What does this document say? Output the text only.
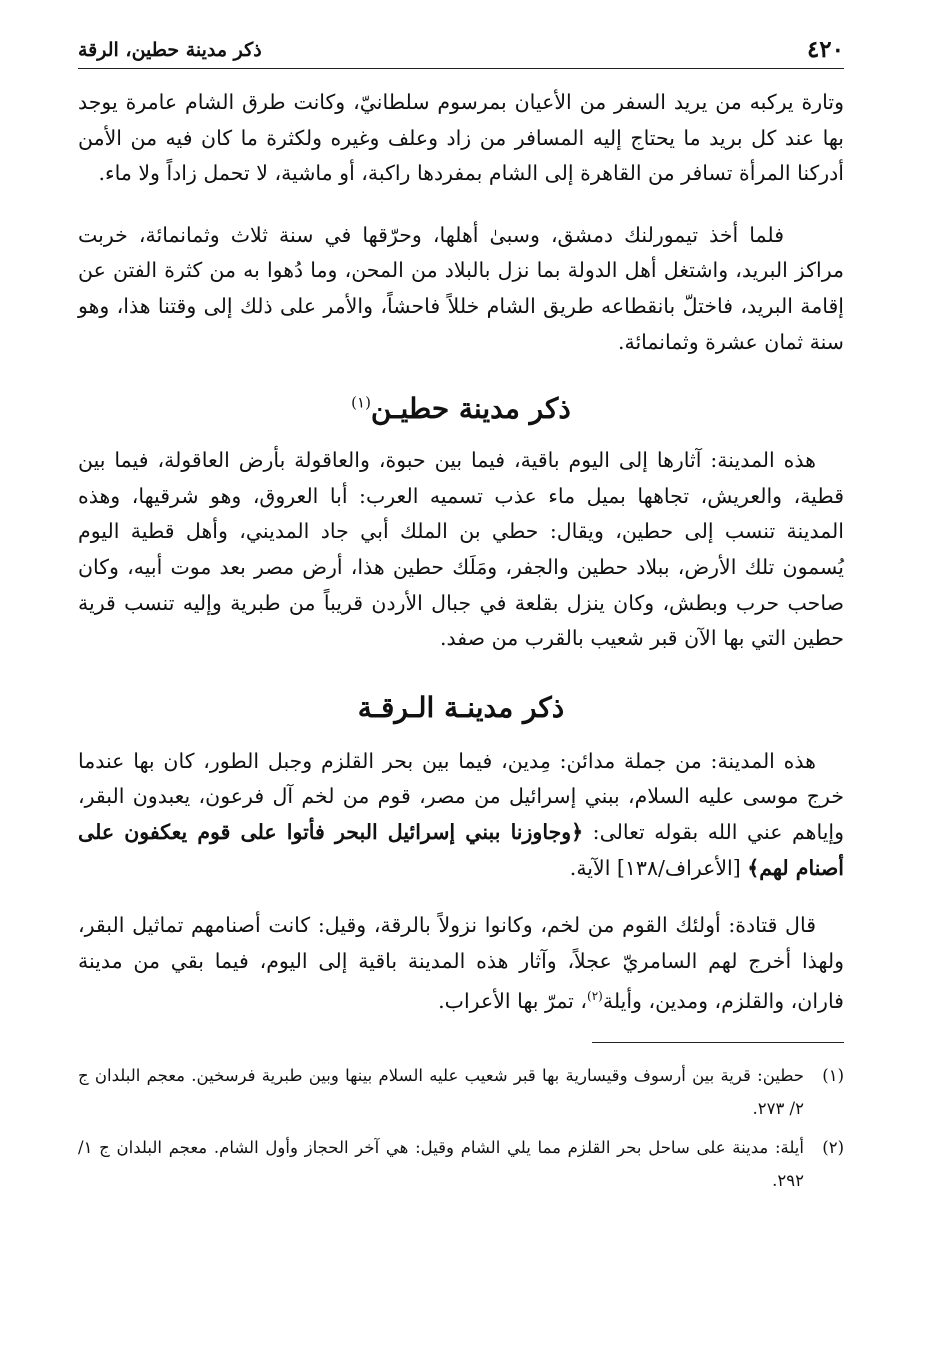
٤٢٠
ذكر مدينة حطين، الرقة

وتارة يركبه من يريد السفر من الأعيان بمرسوم سلطانيّ، وكانت طرق الشام عامرة يوجد بها عند كل بريد ما يحتاج إليه المسافر من زاد وعلف وغيره ولكثرة ما كان فيه من الأمن أدركنا المرأة تسافر من القاهرة إلى الشام بمفردها راكبة، أو ماشية، لا تحمل زاداً ولا ماء.

فلما أخذ تيمورلنك دمشق، وسبىٰ أهلها، وحرّقها في سنة ثلاث وثمانمائة، خربت مراكز البريد، واشتغل أهل الدولة بما نزل بالبلاد من المحن، وما دُهوا به من كثرة الفتن عن إقامة البريد، فاختلّ بانقطاعه طريق الشام خللاً فاحشاً، والأمر على ذلك إلى وقتنا هذا، وهو سنة ثمان عشرة وثمانمائة.

ذكر مدينة حطيـن$^{(١)}$

هذه المدينة: آثارها إلى اليوم باقية، فيما بين حبوة، والعاقولة بأرض العاقولة، فيما بين قطية، والعريش، تجاهها بميل ماء عذب تسميه العرب: أبا العروق، وهو شرقيها، وهذه المدينة تنسب إلى حطين، ويقال: حطي بن الملك أبي جاد المديني، وأهل قطية اليوم يُسمون تلك الأرض، ببلاد حطين والجفر، ومَلَك حطين هذا، أرض مصر بعد موت أبيه، وكان صاحب حرب وبطش، وكان ينزل بقلعة في جبال الأردن قريباً من طبرية وإليه تنسب قرية حطين التي بها الآن قبر شعيب بالقرب من صفد.

ذكر مدينـة الـرقـة

هذه المدينة: من جملة مدائن: مِدين، فيما بين بحر القلزم وجبل الطور، كان بها عندما خرج موسى عليه السلام، ببني إسرائيل من مصر، قوم من لخم آل فرعون، يعبدون البقر، وإياهم عني الله بقوله تعالى: ﴿وجاوزنا ببني إسرائيل البحر فأتوا على قوم يعكفون على أصنام لهم﴾ [الأعراف/١٣٨] الآية.

قال قتادة: أولئك القوم من لخم، وكانوا نزولاً بالرقة، وقيل: كانت أصنامهم تماثيل البقر، ولهذا أخرج لهم السامريّ عجلاً، وآثار هذه المدينة باقية إلى اليوم، فيما بقي من مدينة فاران، والقلزم، ومدين، وأيلة$^{(٢)}$، تمرّ بها الأعراب.

(١)
حطين: قرية بين أرسوف وقيسارية بها قبر شعيب عليه السلام بينها وبين طبرية فرسخين. معجم البلدان ج ٢/ ٢٧٣.
(٢)
أيلة: مدينة على ساحل بحر القلزم مما يلي الشام وقيل: هي آخر الحجاز وأول الشام. معجم البلدان ج ١/ ٢٩٢.
